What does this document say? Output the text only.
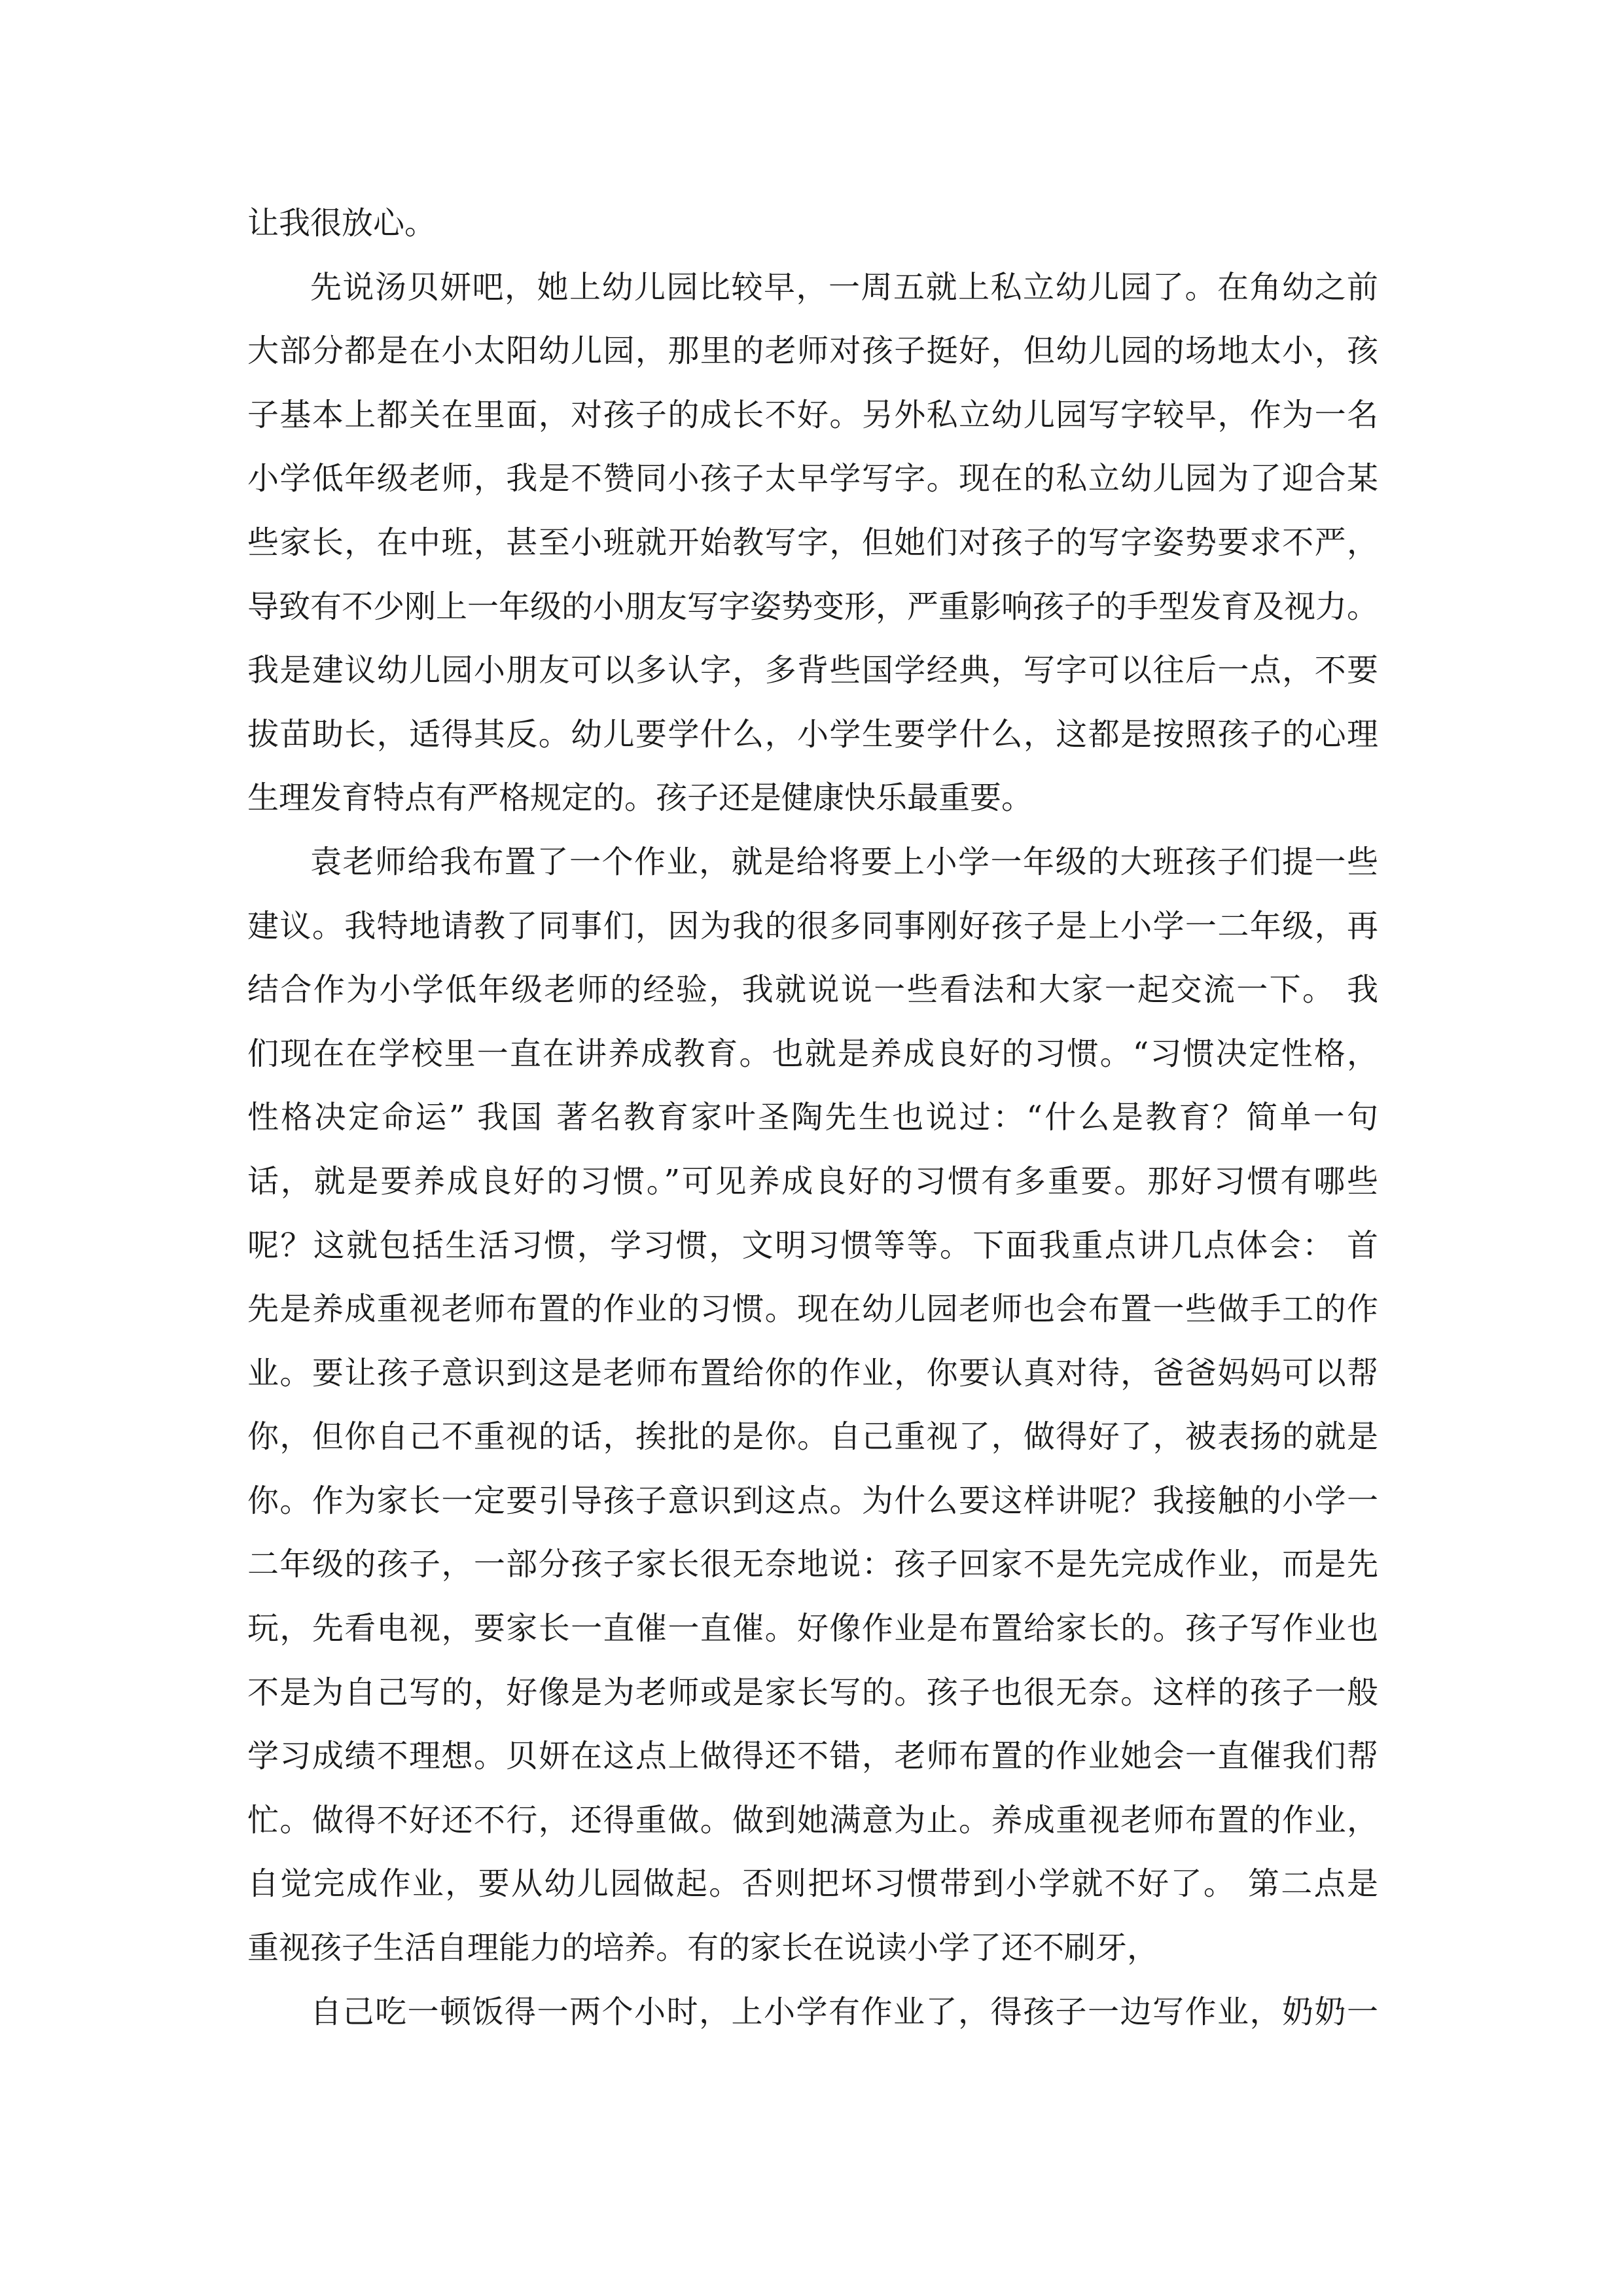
让我很放心。
先说汤贝妍吧，她上幼儿园比较早，一周五就上私立幼儿园了。在角幼之前
大部分都是在小太阳幼儿园，那里的老师对孩子挺好，但幼儿园的场地太小，孩
子基本上都关在里面，对孩子的成长不好。另外私立幼儿园写字较早，作为一名
小学低年级老师，我是不赞同小孩子太早学写字。现在的私立幼儿园为了迎合某
些家长，在中班，甚至小班就开始教写字，但她们对孩子的写字姿势要求不严，
导致有不少刚上一年级的小朋友写字姿势变形，严重影响孩子的手型发育及视力。
我是建议幼儿园小朋友可以多认字，多背些国学经典，写字可以往后一点，不要
拔苗助长，适得其反。幼儿要学什么，小学生要学什么，这都是按照孩子的心理
生理发育特点有严格规定的。孩子还是健康快乐最重要。
袁老师给我布置了一个作业，就是给将要上小学一年级的大班孩子们提一些
建议。我特地请教了同事们，因为我的很多同事刚好孩子是上小学一二年级，再
结合作为小学低年级老师的经验，我就说说一些看法和大家一起交流一下。 我
们现在在学校里一直在讲养成教育。也就是养成良好的习惯。“习惯决定性格，
性格决定命运” 我国 著名教育家叶圣陶先生也说过：“什么是教育？简单一句
话，就是要养成良好的习惯。”可见养成良好的习惯有多重要。那好习惯有哪些
呢？这就包括生活习惯，学习惯，文明习惯等等。下面我重点讲几点体会： 首
先是养成重视老师布置的作业的习惯。现在幼儿园老师也会布置一些做手工的作
业。要让孩子意识到这是老师布置给你的作业，你要认真对待，爸爸妈妈可以帮
你，但你自己不重视的话，挨批的是你。自己重视了，做得好了，被表扬的就是
你。作为家长一定要引导孩子意识到这点。为什么要这样讲呢？我接触的小学一
二年级的孩子，一部分孩子家长很无奈地说：孩子回家不是先完成作业，而是先
玩，先看电视，要家长一直催一直催。好像作业是布置给家长的。孩子写作业也
不是为自己写的，好像是为老师或是家长写的。孩子也很无奈。这样的孩子一般
学习成绩不理想。贝妍在这点上做得还不错，老师布置的作业她会一直催我们帮
忙。做得不好还不行，还得重做。做到她满意为止。养成重视老师布置的作业，
自觉完成作业，要从幼儿园做起。否则把坏习惯带到小学就不好了。 第二点是
重视孩子生活自理能力的培养。有的家长在说读小学了还不刷牙，
自己吃一顿饭得一两个小时，上小学有作业了，得孩子一边写作业，奶奶一
